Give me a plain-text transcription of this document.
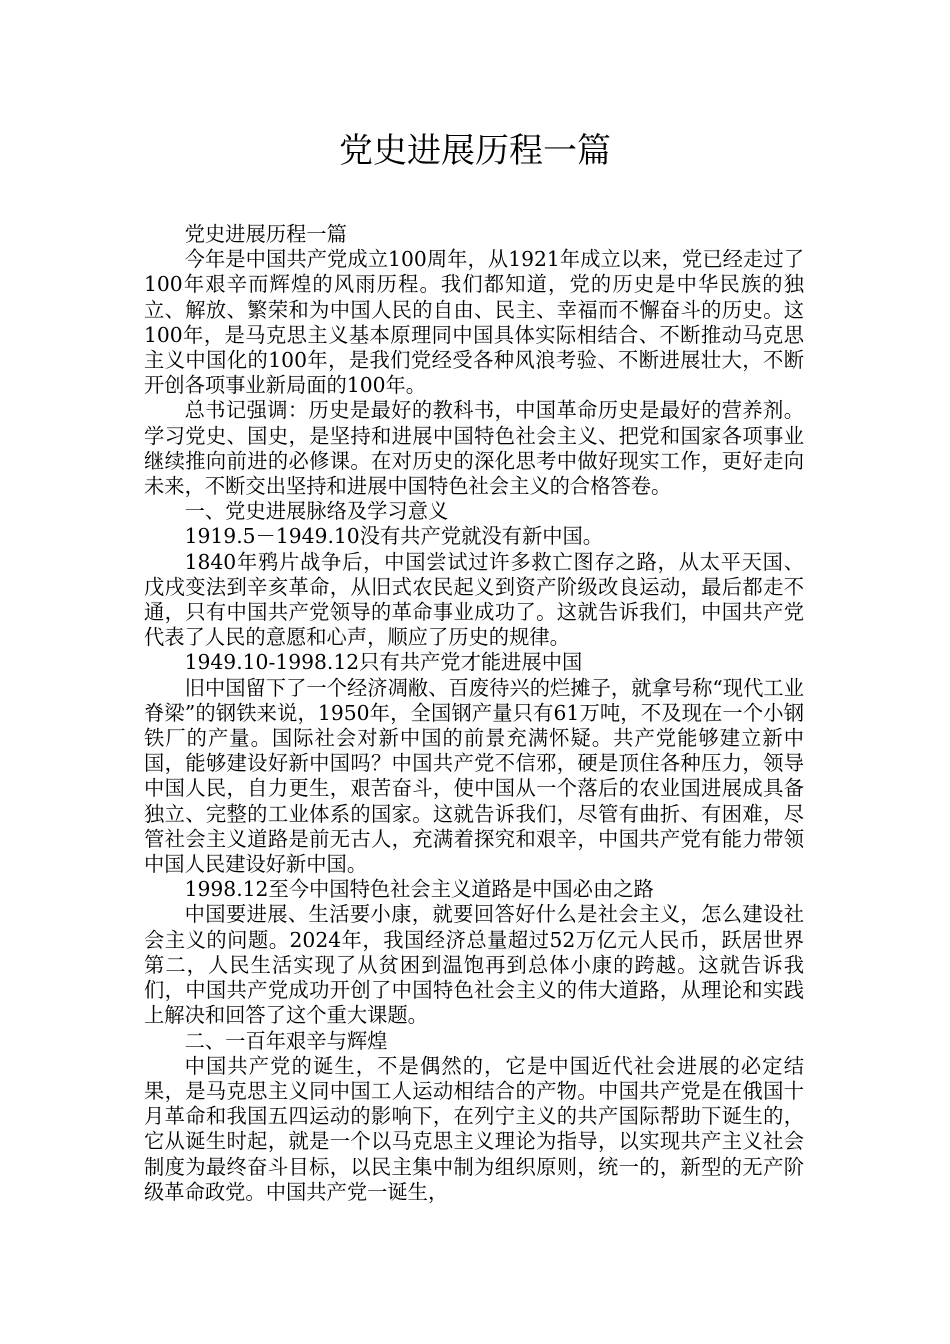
党史进展历程一篇

党史进展历程一篇

今年是中国共产党成立100周年，从1921年成立以来，党已经走过了100年艰辛而辉煌的风雨历程。我们都知道，党的历史是中华民族的独立、解放、繁荣和为中国人民的自由、民主、幸福而不懈奋斗的历史。这100年，是马克思主义基本原理同中国具体实际相结合、不断推动马克思主义中国化的100年，是我们党经受各种风浪考验、不断进展壮大，不断开创各项事业新局面的100年。

总书记强调：历史是最好的教科书，中国革命历史是最好的营养剂。学习党史、国史，是坚持和进展中国特色社会主义、把党和国家各项事业继续推向前进的必修课。在对历史的深化思考中做好现实工作，更好走向未来，不断交出坚持和进展中国特色社会主义的合格答卷。

一、党史进展脉络及学习意义

1919.5－1949.10没有共产党就没有新中国。

1840年鸦片战争后，中国尝试过许多救亡图存之路，从太平天国、戊戌变法到辛亥革命，从旧式农民起义到资产阶级改良运动，最后都走不通，只有中国共产党领导的革命事业成功了。这就告诉我们，中国共产党代表了人民的意愿和心声，顺应了历史的规律。

1949.10-1998.12只有共产党才能进展中国

旧中国留下了一个经济凋敝、百废待兴的烂摊子，就拿号称“现代工业脊梁”的钢铁来说，1950年，全国钢产量只有61万吨，不及现在一个小钢铁厂的产量。国际社会对新中国的前景充满怀疑。共产党能够建立新中国，能够建设好新中国吗？中国共产党不信邪，硬是顶住各种压力，领导中国人民，自力更生，艰苦奋斗，使中国从一个落后的农业国进展成具备独立、完整的工业体系的国家。这就告诉我们，尽管有曲折、有困难，尽管社会主义道路是前无古人，充满着探究和艰辛，中国共产党有能力带领中国人民建设好新中国。

1998.12至今中国特色社会主义道路是中国必由之路

中国要进展、生活要小康，就要回答好什么是社会主义，怎么建设社会主义的问题。2024年，我国经济总量超过52万亿元人民币，跃居世界第二，人民生活实现了从贫困到温饱再到总体小康的跨越。这就告诉我们，中国共产党成功开创了中国特色社会主义的伟大道路，从理论和实践上解决和回答了这个重大课题。

二、一百年艰辛与辉煌

中国共产党的诞生，不是偶然的，它是中国近代社会进展的必定结果，是马克思主义同中国工人运动相结合的产物。中国共产党是在俄国十月革命和我国五四运动的影响下，在列宁主义的共产国际帮助下诞生的，它从诞生时起，就是一个以马克思主义理论为指导，以实现共产主义社会制度为最终奋斗目标，以民主集中制为组织原则，统一的，新型的无产阶级革命政党。中国共产党一诞生，
